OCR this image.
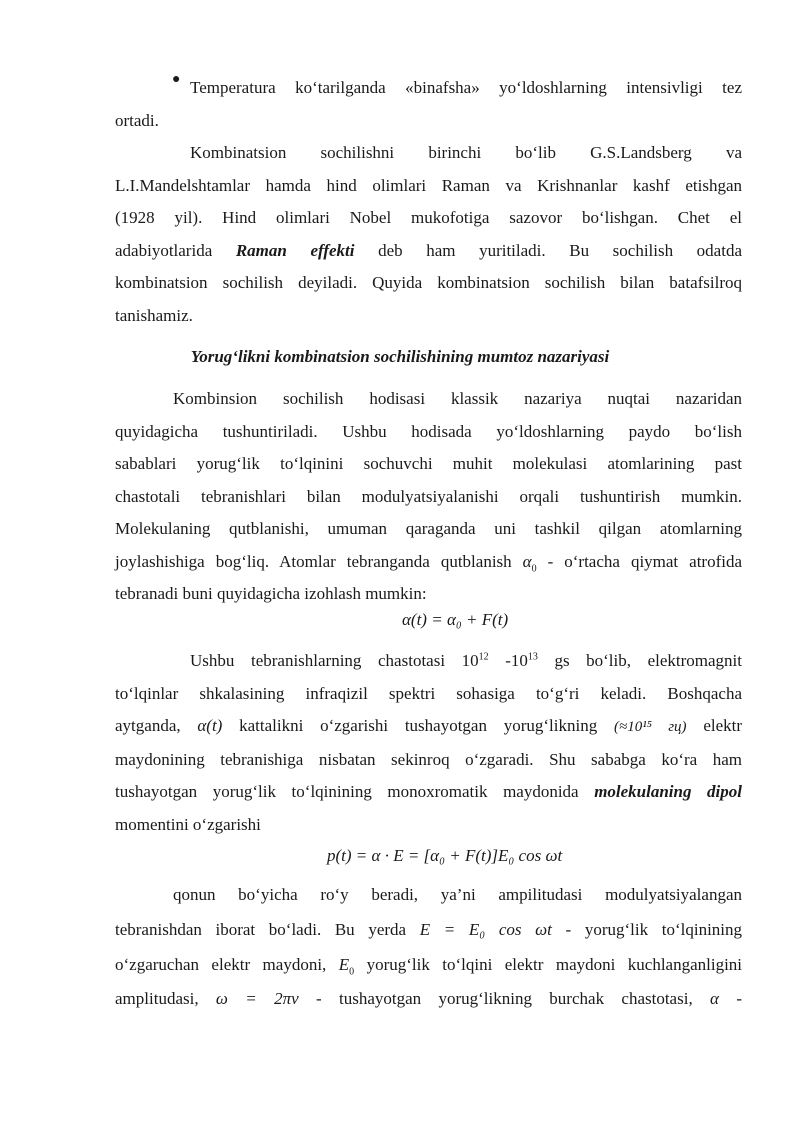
● Temperatura ko‘tarilganda «binafsha» yo‘ldoshlarning intensivligi tez
ortadi.
Kombinatsion sochilishni birinchi bo‘lib G.S.Landsberg va
L.I.Mandelshtamlar hamda hind olimlari Raman va Krishnanlar kashf etishgan
(1928 yil). Hind olimlari Nobel mukofotiga sazovor bo‘lishgan. Chet el
adabiyotlarida Raman effekti deb ham yuritiladi. Bu sochilish odatda
kombinatsion sochilish deyiladi. Quyida kombinatsion sochilish bilan batafsilroq
tanishamiz.
Yorug‘likni kombinatsion sochilishining mumtoz nazariyasi
Kombinsion sochilish hodisasi klassik nazariya nuqtai nazaridan
quyidagicha tushuntiriladi. Ushbu hodisada yo‘ldoshlarning paydo bo‘lish
sabablari yorug‘lik to‘lqinini sochuvchi muhit molekulasi atomlarining past
chastotali tebranishlari bilan modulyatsiyalanishi orqali tushuntirish mumkin.
Molekulaning qutblanishi, umuman qaraganda uni tashkil qilgan atomlarning
joylashishiga bog‘liq. Atomlar tebranganda qutblanish $\alpha_0$ - o‘rtacha qiymat atrofida
tebranadi buni quyidagicha izohlash mumkin:
α(t) = α₀ + F(t)
Ushbu tebranishlarning chastotasi $10^{12}$ $-10^{13}$ gs bo‘lib, elektromagnit
to‘lqinlar shkalasining infraqizil spektri sohasiga to‘g‘ri keladi. Boshqacha
aytganda, α(t) kattalikni o‘zgarishi tushayotgan yorug‘likning (≈10¹⁵ гц) elektr
maydonining tebranishiga nisbatan sekinroq o‘zgaradi. Shu sababga ko‘ra ham
tushayotgan yorug‘lik to‘lqinining monoxromatik maydonida molekulaning dipol
momentini o‘zgarishi
p(t) = α · E = [α₀ + F(t)]E₀ cos ωt
qonun bo‘yicha ro‘y beradi, ya’ni ampilitudasi modulyatsiyalangan
tebranishdan iborat bo‘ladi. Bu yerda E = E₀ cos ωt - yorug‘lik to‘lqinining
o‘zgaruchan elektr maydoni, $E_0$ yorug‘lik to‘lqini elektr maydoni kuchlanganligini
amplitudasi, ω = 2πν - tushayotgan yorug‘likning burchak chastotasi, α -
